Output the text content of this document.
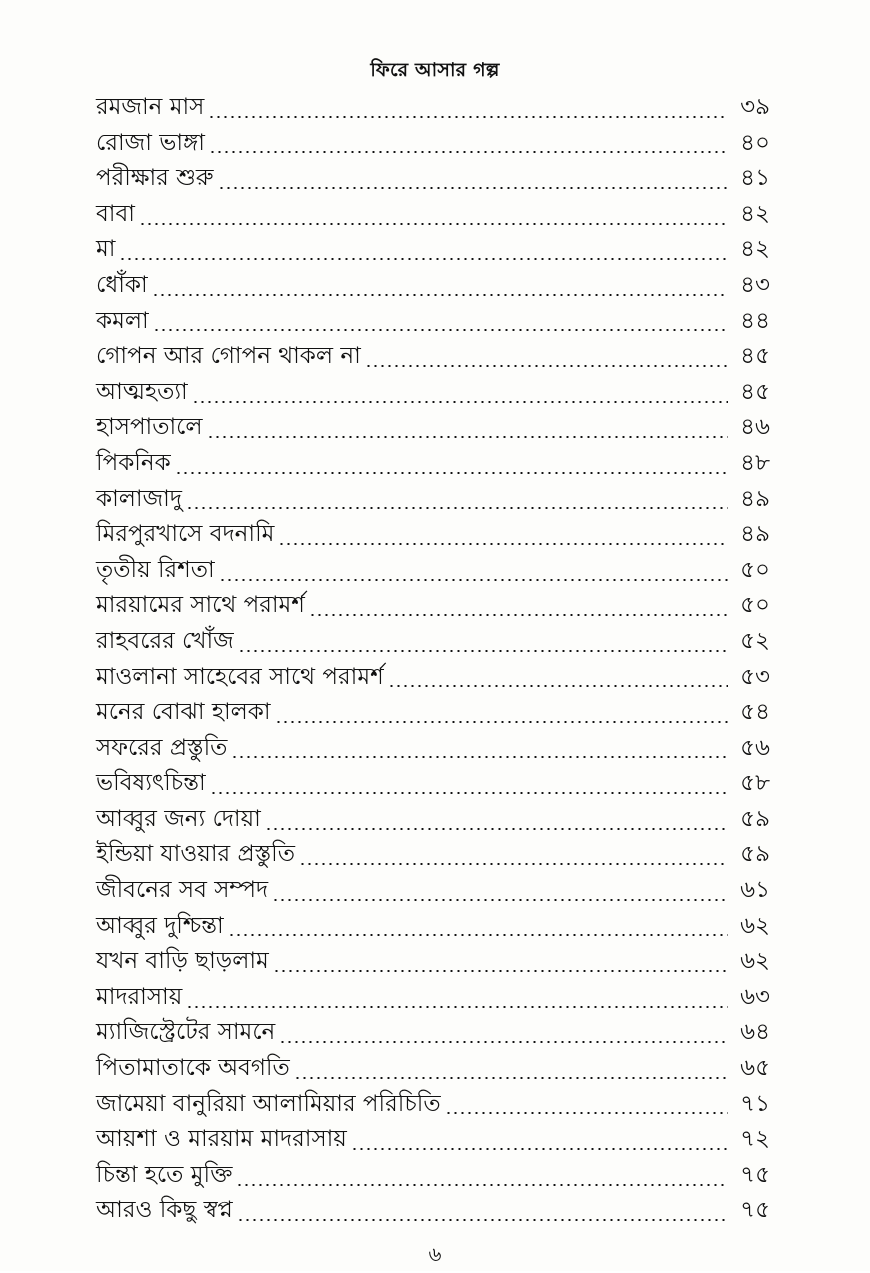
ফিরে আসার গল্প
রমজান মাস	৩৯
রোজা ভাঙ্গা	৪০
পরীক্ষার শুরু	৪১
বাবা	৪২
মা	৪২
ধোঁকা	৪৩
কমলা	৪৪
গোপন আর গোপন থাকল না	৪৫
আত্মহত্যা	৪৫
হাসপাতালে	৪৬
পিকনিক	৪৮
কালাজাদু	৪৯
মিরপুরখাসে বদনামি	৪৯
তৃতীয় রিশতা	৫০
মারয়ামের সাথে পরামর্শ	৫০
রাহবরের খোঁজ	৫২
মাওলানা সাহেবের সাথে পরামর্শ	৫৩
মনের বোঝা হালকা	৫৪
সফরের প্রস্তুতি	৫৬
ভবিষ্যৎচিন্তা	৫৮
আব্বুর জন্য দোয়া	৫৯
ইন্ডিয়া যাওয়ার প্রস্তুতি	৫৯
জীবনের সব সম্পদ	৬১
আব্বুর দুশ্চিন্তা	৬২
যখন বাড়ি ছাড়লাম	৬২
মাদরাসায়	৬৩
ম্যাজিস্ট্রেটের সামনে	৬৪
পিতামাতাকে অবগতি	৬৫
জামেয়া বানুরিয়া আলামিয়ার পরিচিতি	৭১
আয়শা ও মারয়াম মাদরাসায়	৭২
চিন্তা হতে মুক্তি	৭৫
আরও কিছু স্বপ্ন	৭৫
৬
